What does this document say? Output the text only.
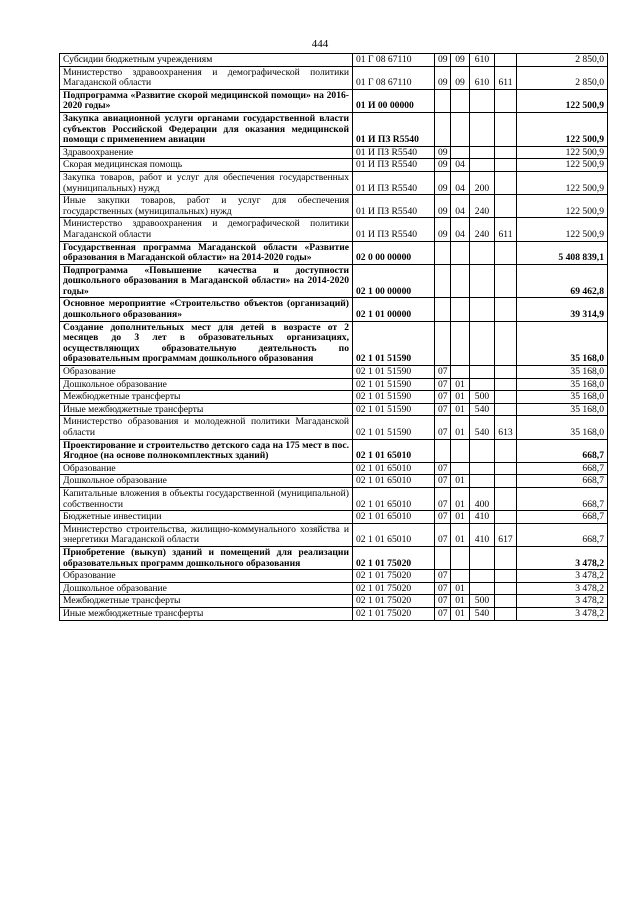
444
Субсидии бюджетным учреждениям	01 Г 08 67110	09	09	610		2 850,0
Министерство здравоохранения и демографической политики Магаданской области	01 Г 08 67110	09	09	610	611	2 850,0
Подпрограмма «Развитие скорой медицинской помощи» на 2016-2020 годы»	01 И 00 00000					122 500,9
Закупка авиационной услуги органами государственной власти субъектов Российской Федерации для оказания медицинской помощи с применением авиации	01 И ПЗ R5540					122 500,9
Здравоохранение	01 И ПЗ R5540	09				122 500,9
Скорая медицинская помощь	01 И ПЗ R5540	09	04			122 500,9
Закупка товаров, работ и услуг для обеспечения государственных (муниципальных) нужд	01 И ПЗ R5540	09	04	200		122 500,9
Иные закупки товаров, работ и услуг для обеспечения государственных (муниципальных) нужд	01 И ПЗ R5540	09	04	240		122 500,9
Министерство здравоохранения и демографической политики Магаданской области	01 И ПЗ R5540	09	04	240	611	122 500,9
Государственная программа Магаданской области «Развитие образования в Магаданской области» на 2014-2020 годы»	02 0 00 00000					5 408 839,1
Подпрограмма «Повышение качества и доступности дошкольного образования в Магаданской области» на 2014-2020 годы»	02 1 00 00000					69 462,8
Основное мероприятие «Строительство объектов (организаций) дошкольного образования»	02 1 01 00000					39 314,9
Создание дополнительных мест для детей в возрасте от 2 месяцев до 3 лет в образовательных организациях, осуществляющих образовательную деятельность по образовательным программам дошкольного образования	02 1 01 51590					35 168,0
Образование	02 1 01 51590	07				35 168,0
Дошкольное образование	02 1 01 51590	07	01			35 168,0
Межбюджетные трансферты	02 1 01 51590	07	01	500		35 168,0
Иные межбюджетные трансферты	02 1 01 51590	07	01	540		35 168,0
Министерство образования и молодежной политики Магаданской области	02 1 01 51590	07	01	540	613	35 168,0
Проектирование и строительство детского сада на 175 мест в пос. Ягодное (на основе полнокомплектных зданий)	02 1 01 65010					668,7
Образование	02 1 01 65010	07				668,7
Дошкольное образование	02 1 01 65010	07	01			668,7
Капитальные вложения в объекты государственной (муниципальной) собственности	02 1 01 65010	07	01	400		668,7
Бюджетные инвестиции	02 1 01 65010	07	01	410		668,7
Министерство строительства, жилищно-коммунального хозяйства и энергетики Магаданской области	02 1 01 65010	07	01	410	617	668,7
Приобретение (выкуп) зданий и помещений для реализации образовательных программ дошкольного образования	02 1 01 75020					3 478,2
Образование	02 1 01 75020	07				3 478,2
Дошкольное образование	02 1 01 75020	07	01			3 478,2
Межбюджетные трансферты	02 1 01 75020	07	01	500		3 478,2
Иные межбюджетные трансферты	02 1 01 75020	07	01	540		3 478,2
